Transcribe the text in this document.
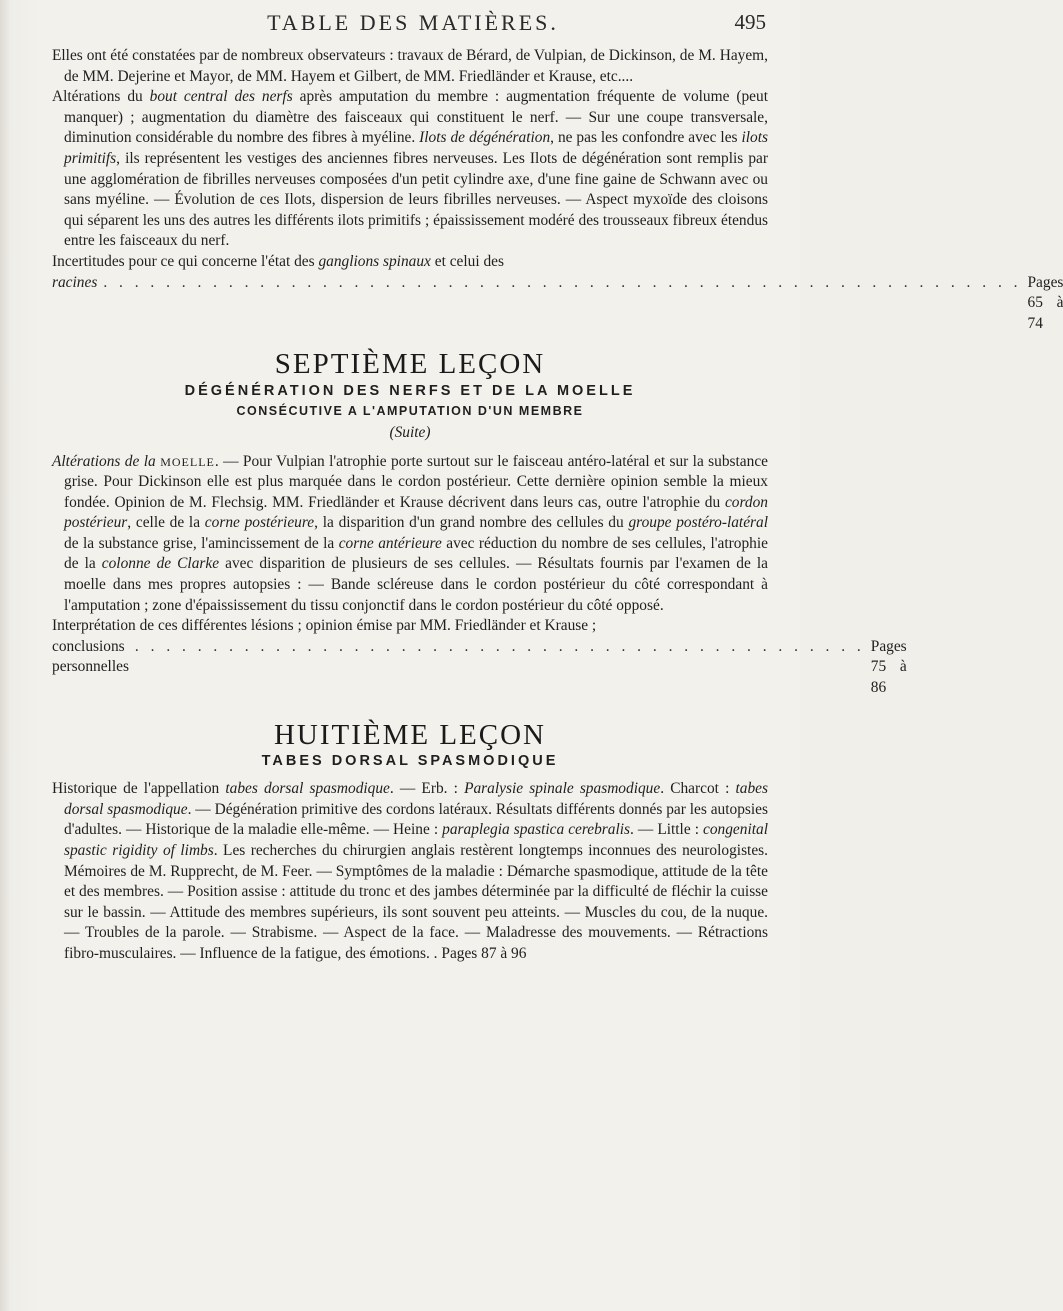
TABLE DES MATIÈRES.	495

Elles ont été constatées par de nombreux observateurs : travaux de Bérard, de Vulpian, de Dickinson, de M. Hayem, de MM. Dejerine et Mayor, de MM. Hayem et Gilbert, de MM. Friedländer et Krause, etc....

Altérations du bout central des nerfs après amputation du membre : augmentation fréquente de volume (peut manquer) ; augmentation du diamètre des faisceaux qui constituent le nerf. — Sur une coupe transversale, diminution considérable du nombre des fibres à myéline. Ilots de dégénération, ne pas les confondre avec les ilots primitifs, ils représentent les vestiges des anciennes fibres nerveuses. Les Ilots de dégénération sont remplis par une agglomération de fibrilles nerveuses composées d'un petit cylindre axe, d'une fine gaine de Schwann avec ou sans myéline. — Évolution de ces Ilots, dispersion de leurs fibrilles nerveuses. — Aspect myxoïde des cloisons qui séparent les uns des autres les différents ilots primitifs ; épaississement modéré des trousseaux fibreux étendus entre les faisceaux du nerf.

Incertitudes pour ce qui concerne l'état des ganglions spinaux et celui des

racines . . . . . . . . . . . . . . . . . . . . . . . . . . . . . . . . . . . . . . . . . . . . . . . . . . . . . . . . . . . Pages 65 à 74
SEPTIÈME LEÇON
DÉGÉNÉRATION DES NERFS ET DE LA MOELLE
CONSÉCUTIVE A L'AMPUTATION D'UN MEMBRE
(Suite)

Altérations de la MOELLE. — Pour Vulpian l'atrophie porte surtout sur le faisceau antéro-latéral et sur la substance grise. Pour Dickinson elle est plus marquée dans le cordon postérieur. Cette dernière opinion semble la mieux fondée. Opinion de M. Flechsig. MM. Friedländer et Krause décrivent dans leurs cas, outre l'atrophie du cordon postérieur, celle de la corne postérieure, la disparition d'un grand nombre des cellules du groupe postéro-latéral de la substance grise, l'amincissement de la corne antérieure avec réduction du nombre de ses cellules, l'atrophie de la colonne de Clarke avec disparition de plusieurs de ses cellules. — Résultats fournis par l'examen de la moelle dans mes propres autopsies : — Bande scléreuse dans le cordon postérieur du côté correspondant à l'amputation ; zone d'épaississement du tissu conjonctif dans le cordon postérieur du côté opposé.

Interprétation de ces différentes lésions ; opinion émise par MM. Friedländer et Krause ;

conclusions personnelles
. . . . . . . . . . . . . . . . . . . . . . . . . . . . . . . . . . . . . . . . . . . . . . . Pages 75 à 86
HUITIÈME LEÇON
TABES DORSAL SPASMODIQUE

Historique de l'appellation tabes dorsal spasmodique. — Erb. : Paralysie spinale spasmodique. Charcot : tabes dorsal spasmodique. — Dégénération primitive des cordons latéraux. Résultats différents donnés par les autopsies d'adultes. — Historique de la maladie elle-même. — Heine : paraplegia spastica cerebralis. — Little : congenital spastic rigidity of limbs. Les recherches du chirurgien anglais restèrent longtemps inconnues des neurologistes. Mémoires de M. Rupprecht, de M. Feer. — Symptômes de la maladie : Démarche spasmodique, attitude de la tête et des membres. — Position assise : attitude du tronc et des jambes déterminée par la difficulté de fléchir la cuisse sur le bassin. — Attitude des membres supérieurs, ils sont souvent peu atteints. — Muscles du cou, de la nuque. — Troubles de la parole. — Strabisme. — Aspect de la face. — Maladresse des mouvements. — Rétractions fibro-musculaires. — Influence de la fatigue, des émotions. . Pages 87 à 96
